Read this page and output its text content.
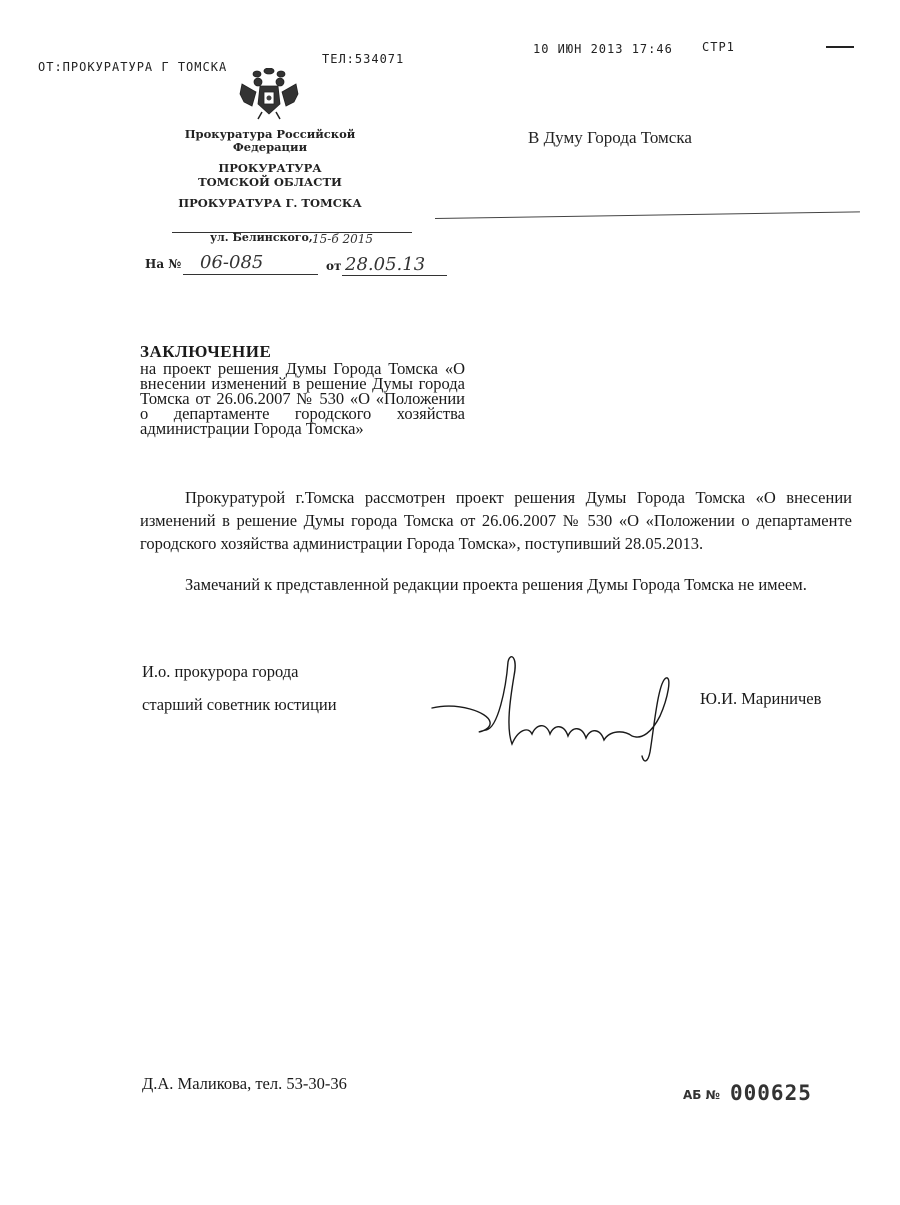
ОТ:ПРОКУРАТУРА Г ТОМСКА
ТЕЛ:534071
10 ИЮН 2013 17:46 СТР1
Прокуратура Российской
Федерации
ПРОКУРАТУРА
ТОМСКОЙ ОБЛАСТИ
ПРОКУРАТУРА Г. ТОМСКА
ул. Белинского, 15-б 2015
На № 06-085	от 28.05.13
В Думу Города Томска
ЗАКЛЮЧЕНИЕ
на проект решения Думы Города Томска «О внесении изменений в решение Думы города Томска от 26.06.2007 № 530 «О «Положении о департаменте городского хозяйства администрации Города Томска»
Прокуратурой г.Томска рассмотрен проект решения Думы Города Томска «О внесении изменений в решение Думы города Томска от 26.06.2007 № 530 «О «Положении о департаменте городского хозяйства администрации Города Томска», поступивший 28.05.2013.
Замечаний к представленной редакции проекта решения Думы Города Томска не имеем.
И.о. прокурора города
старший советник юстиции	Ю.И. Мариничев
Д.А. Маликова, тел. 53-30-36
АБ № 000625
